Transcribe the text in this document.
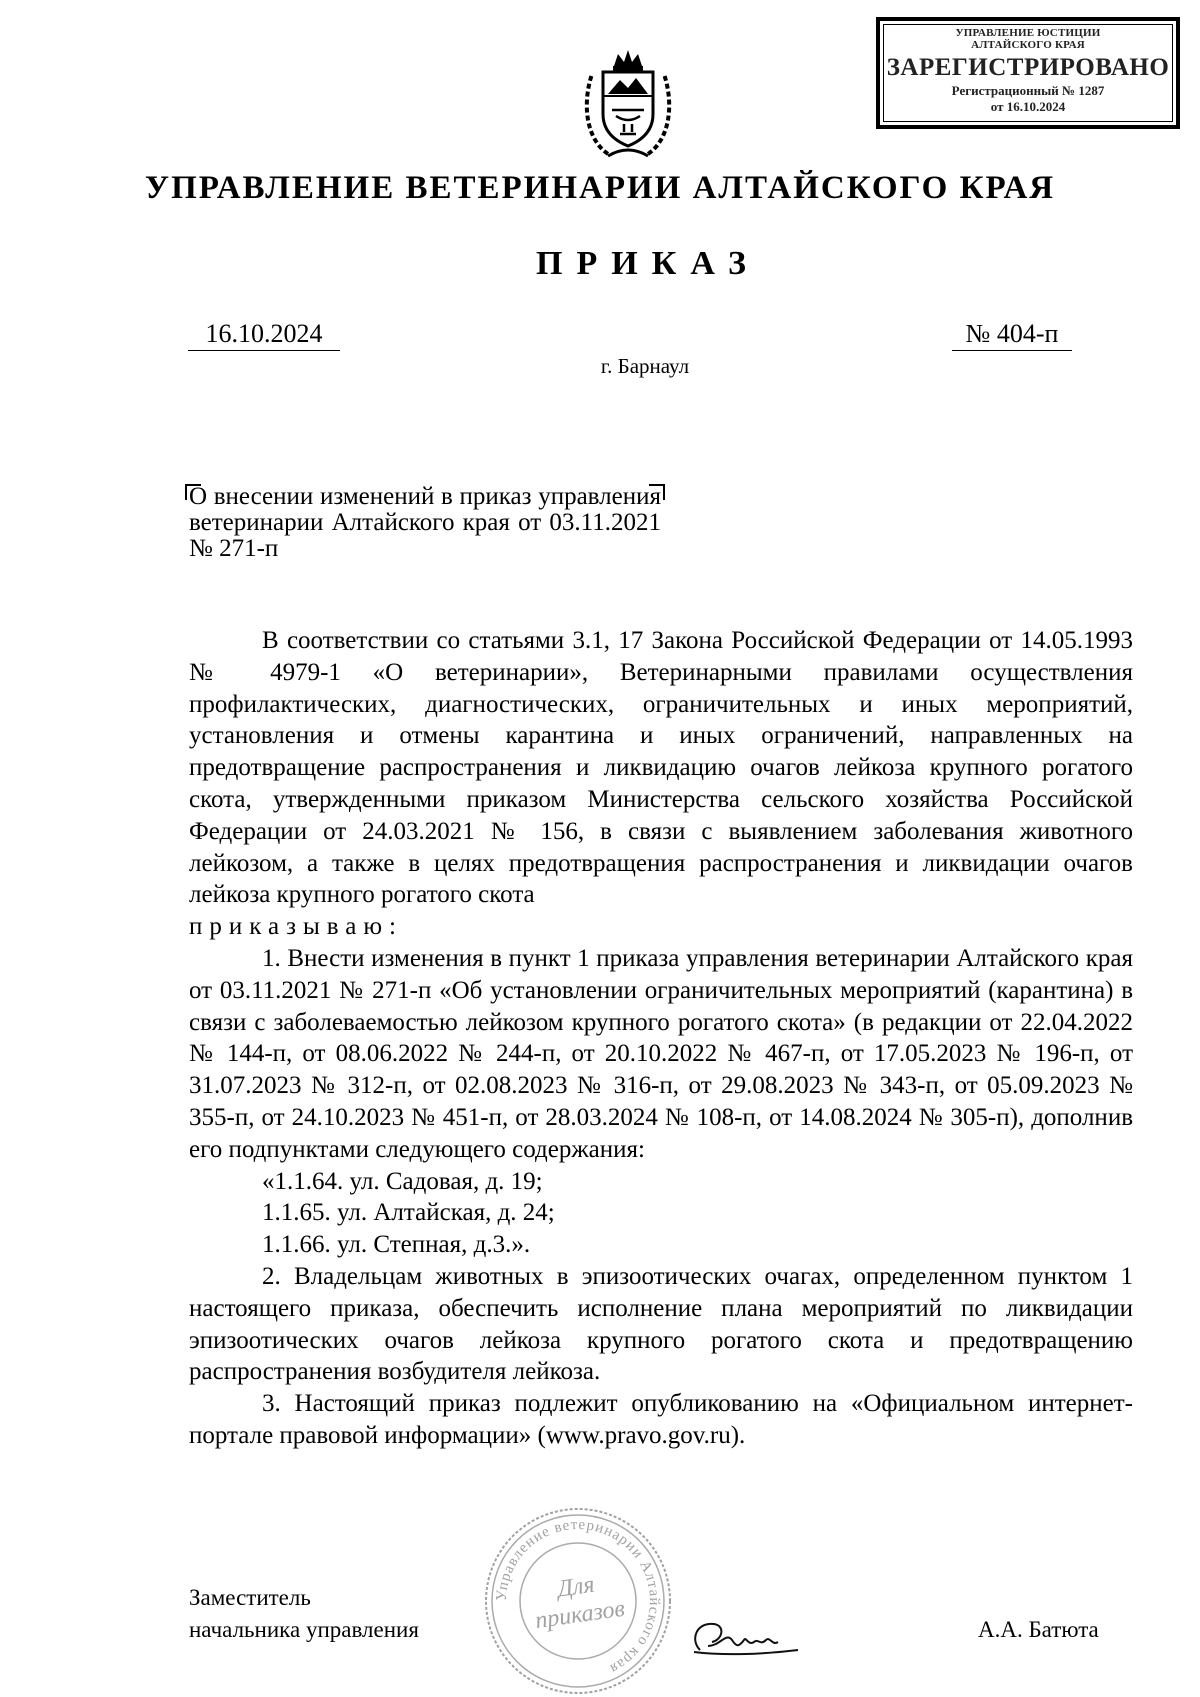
УПРАВЛЕНИЕ ЮСТИЦИИ
АЛТАЙСКОГО КРАЯ
ЗАРЕГИСТРИРОВАНО
Регистрационный № 1287
от 16.10.2024
УПРАВЛЕНИЕ ВЕТЕРИНАРИИ АЛТАЙСКОГО КРАЯ
ПРИКАЗ
16.10.2024	№ 404-п
г. Барнаул
О внесении изменений в приказ управления ветеринарии Алтайского края от 03.11.2021 № 271-п

В соответствии со статьями 3.1, 17 Закона Российской Федерации от 14.05.1993 № 4979-1 «О ветеринарии», Ветеринарными правилами осуществления профилактических, диагностических, ограничительных и иных мероприятий, установления и отмены карантина и иных ограничений, направленных на предотвращение распространения и ликвидацию очагов лейкоза крупного рогатого скота, утвержденными приказом Министерства сельского хозяйства Российской Федерации от 24.03.2021 № 156, в связи с выявлением заболевания животного лейкозом, а также в целях предотвращения распространения и ликвидации очагов лейкоза крупного рогатого скота

приказываю:

1. Внести изменения в пункт 1 приказа управления ветеринарии Алтайского края от 03.11.2021 № 271-п «Об установлении ограничительных мероприятий (карантина) в связи с заболеваемостью лейкозом крупного рогатого скота» (в редакции от 22.04.2022 № 144-п, от 08.06.2022 № 244-п, от 20.10.2022 № 467-п, от 17.05.2023 № 196-п, от 31.07.2023 № 312-п, от 02.08.2023 № 316-п, от 29.08.2023 № 343-п, от 05.09.2023 № 355-п, от 24.10.2023 № 451-п, от 28.03.2024 № 108-п, от 14.08.2024 № 305-п), дополнив его подпунктами следующего содержания:

«1.1.64. ул. Садовая, д. 19;

1.1.65. ул. Алтайская, д. 24;

1.1.66. ул. Степная, д.3.».

2. Владельцам животных в эпизоотических очагах, определенном пунктом 1 настоящего приказа, обеспечить исполнение плана мероприятий по ликвидации эпизоотических очагов лейкоза крупного рогатого скота и предотвращению распространения возбудителя лейкоза.

3. Настоящий приказ подлежит опубликованию на «Официальном интернет-портале правовой информации» (www.pravo.gov.ru).

Управление ветеринарии Алтайского края
Для
приказов
Заместитель
начальника управления	А.А. Батюта
